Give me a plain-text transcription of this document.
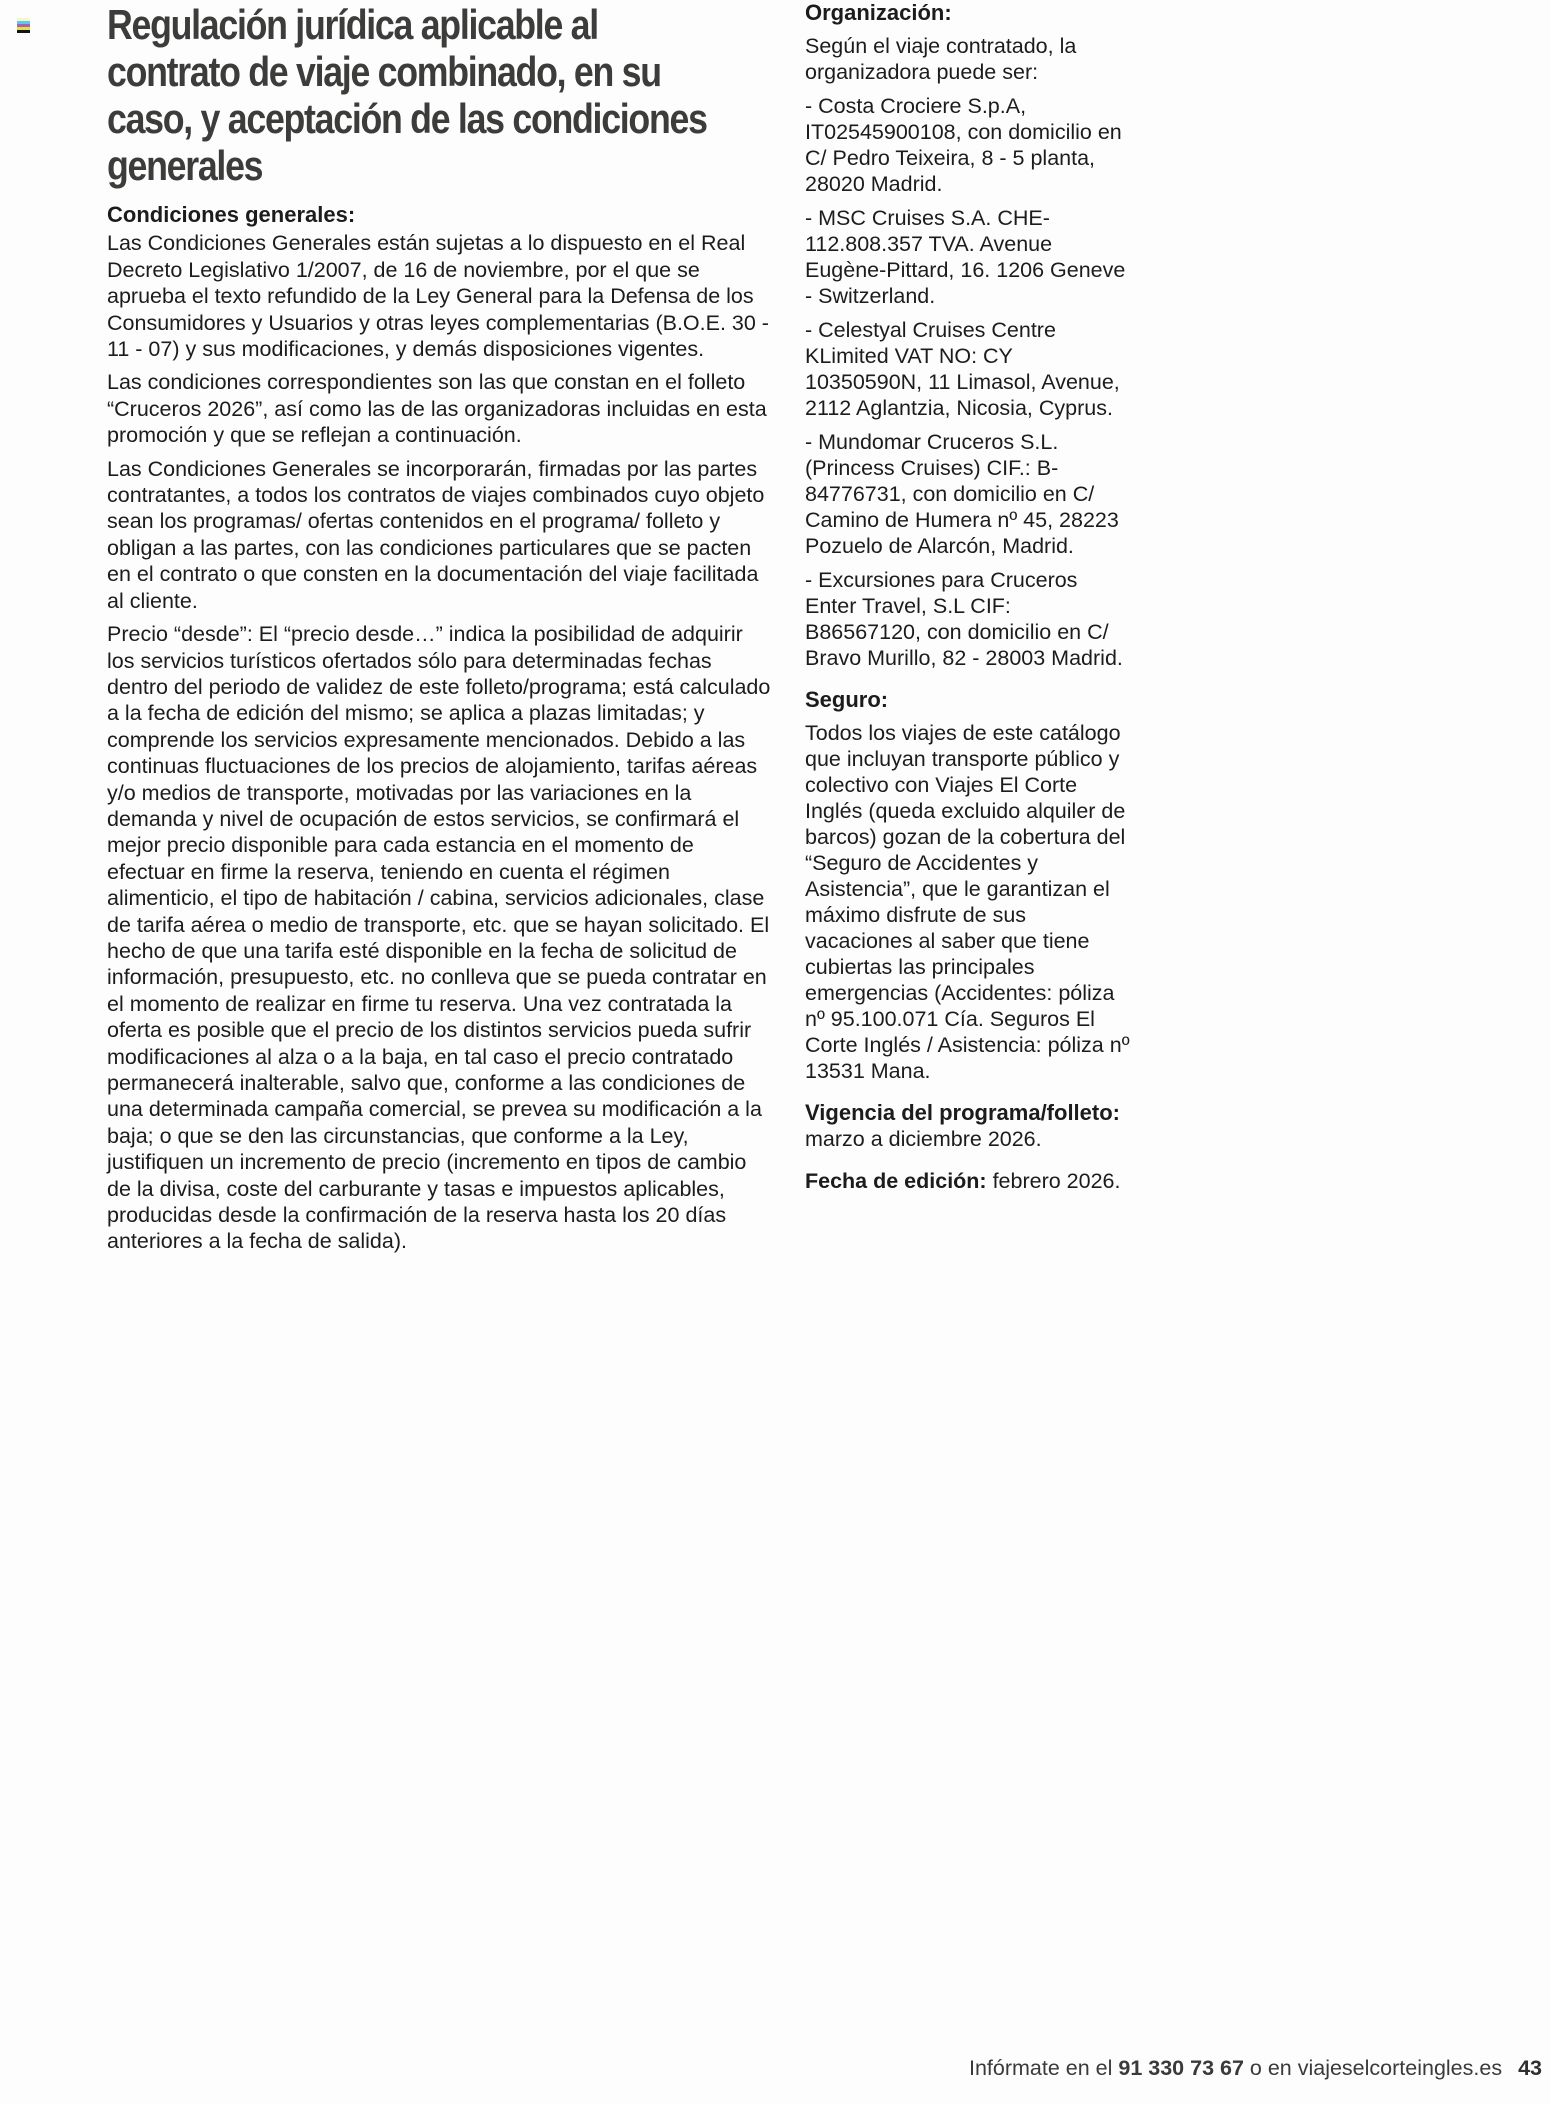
Regulación jurídica aplicable al
contrato de viaje combinado, en su
caso, y aceptación de las condiciones
generales
Condiciones generales:

Las Condiciones Generales están sujetas a lo dispuesto en el Real Decreto Legislativo 1/2007, de 16 de noviembre, por el que se aprueba el texto refundido de la Ley General para la Defensa de los Consumidores y Usuarios y otras leyes complementarias (B.O.E. 30 - 11 - 07) y sus modificaciones, y demás disposiciones vigentes.

Las condiciones correspondientes son las que constan en el folleto “Cruceros 2026”, así como las de las organizadoras incluidas en esta promoción y que se reflejan a continuación.

Las Condiciones Generales se incorporarán, firmadas por las partes contratantes, a todos los contratos de viajes combinados cuyo objeto sean los programas/ ofertas contenidos en el programa/ folleto y obligan a las partes, con las condiciones particulares que se pacten en el contrato o que consten en la documentación del viaje facilitada al cliente.

Precio “desde”: El “precio desde…” indica la posibilidad de adquirir los servicios turísticos ofertados sólo para determinadas fechas dentro del periodo de validez de este folleto/programa; está calculado a la fecha de edición del mismo; se aplica a plazas limitadas; y comprende los servicios expresamente mencionados. Debido a las continuas fluctuaciones de los precios de alojamiento, tarifas aéreas y/o medios de transporte, motivadas por las variaciones en la demanda y nivel de ocupación de estos servicios, se confirmará el mejor precio disponible para cada estancia en el momento de efectuar en firme la reserva, teniendo en cuenta el régimen alimenticio, el tipo de habitación / cabina, servicios adicionales, clase de tarifa aérea o medio de transporte, etc. que se hayan solicitado. El hecho de que una tarifa esté disponible en la fecha de solicitud de información, presupuesto, etc. no conlleva que se pueda contratar en el momento de realizar en firme tu reserva. Una vez contratada la oferta es posible que el precio de los distintos servicios pueda sufrir modificaciones al alza o a la baja, en tal caso el precio contratado permanecerá inalterable, salvo que, conforme a las condiciones de una determinada campaña comercial, se prevea su modificación a la baja; o que se den las circunstancias, que conforme a la Ley, justifiquen un incremento de precio (incremento en tipos de cambio de la divisa, coste del carburante y tasas e impuestos aplicables, producidas desde la confirmación de la reserva hasta los 20 días anteriores a la fecha de salida).

Organización:

Según el viaje contratado, la organizadora puede ser:

- Costa Crociere S.p.A, IT02545900108, con domicilio en C/ Pedro Teixeira, 8 - 5 planta, 28020 Madrid.

- MSC Cruises S.A. CHE-112.808.357 TVA. Avenue Eugène-Pittard, 16. 1206 Geneve - Switzerland.

- Celestyal Cruises Centre KLimited VAT NO: CY 10350590N, 11 Limasol, Avenue, 2112 Aglantzia, Nicosia, Cyprus.

- Mundomar Cruceros S.L. (Princess Cruises) CIF.: B-84776731, con domicilio en C/ Camino de Humera nº 45, 28223 Pozuelo de Alarcón, Madrid.

- Excursiones para Cruceros Enter Travel, S.L CIF: B86567120, con domicilio en C/ Bravo Murillo, 82 - 28003 Madrid.

Seguro:

Todos los viajes de este catálogo que incluyan transporte público y colectivo con Viajes El Corte Inglés (queda excluido alquiler de barcos) gozan de la cobertura del “Seguro de Accidentes y Asistencia”, que le garantizan el máximo disfrute de sus vacaciones al saber que tiene cubiertas las principales emergencias (Accidentes: póliza nº 95.100.071 Cía. Seguros El Corte Inglés / Asistencia: póliza nº 13531 Mana.

Vigencia del programa/folleto:

marzo a diciembre 2026.

Fecha de edición: febrero 2026.

Infórmate en el 91 330 73 67 o en viajeselcorteingles.es 43
